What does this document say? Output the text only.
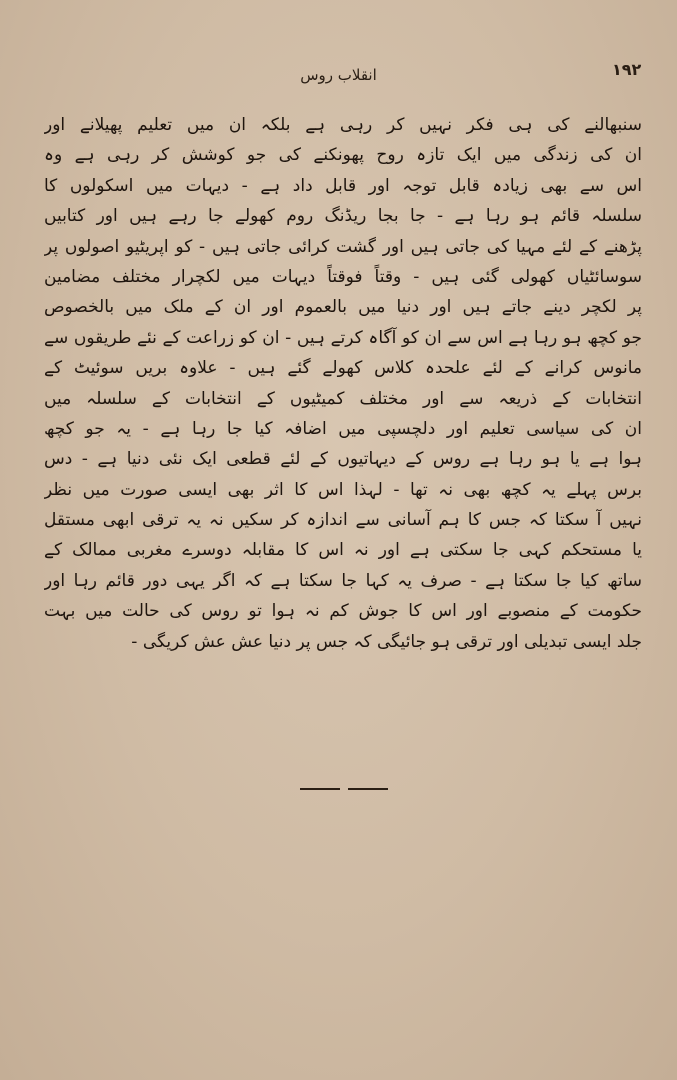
۱۹۲
انقلاب روس
سنبھالنے کی ہی فکر نہیں کر رہی ہے بلکہ ان میں تعلیم پھیلانے اور
ان کی زندگی میں ایک تازہ روح پھونکنے کی جو کوشش کر رہی ہے وہ
اس سے بھی زیادہ قابل توجہ اور قابل داد ہے - دیہات میں اسکولوں کا
سلسلہ قائم ہو رہا ہے - جا بجا ریڈنگ روم کھولے جا رہے ہیں اور کتابیں
پڑھنے کے لئے مہیا کی جاتی ہیں اور گشت کرائی جاتی ہیں - کو اپریٹیو اصولوں پر
سوسائٹیاں کھولی گئی ہیں - وقتاً فوقتاً دیہات میں لکچرار مختلف مضامین
پر لکچر دینے جاتے ہیں اور دنیا میں بالعموم اور ان کے ملک میں بالخصوص
جو کچھ ہو رہا ہے اس سے ان کو آگاہ کرتے ہیں - ان کو زراعت کے نئے طریقوں سے
مانوس کرانے کے لئے علحدہ کلاس کھولے گئے ہیں - علاوہ بریں سوئیٹ کے
انتخابات کے ذریعہ سے اور مختلف کمیٹیوں کے انتخابات کے سلسلہ میں
ان کی سیاسی تعلیم اور دلچسپی میں اضافہ کیا جا رہا ہے - یہ جو کچھ
ہوا ہے یا ہو رہا ہے روس کے دیہاتیوں کے لئے قطعی ایک نئی دنیا ہے - دس
برس پہلے یہ کچھ بھی نہ تھا - لہذا اس کا اثر بھی ایسی صورت میں نظر
نہیں آ سکتا کہ جس کا ہم آسانی سے اندازہ کر سکیں نہ یہ ترقی ابھی مستقل
یا مستحکم کہی جا سکتی ہے اور نہ اس کا مقابلہ دوسرے مغربی ممالک کے
ساتھ کیا جا سکتا ہے - صرف یہ کہا جا سکتا ہے کہ اگر یہی دور قائم رہا اور
حکومت کے منصوبے اور اس کا جوش کم نہ ہوا تو روس کی حالت میں بہت
جلد ایسی تبدیلی اور ترقی ہو جائیگی کہ جس پر دنیا عش عش کریگی -
